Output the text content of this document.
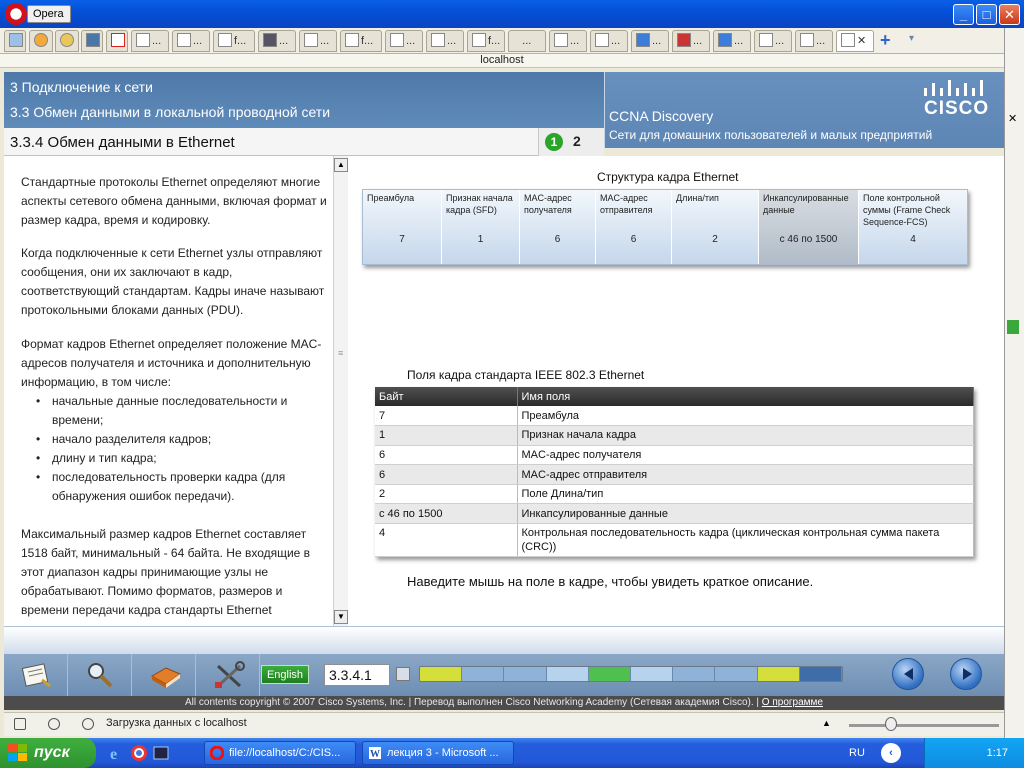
Opera	_	□	✕
...	...	f...	...	...	f...	...	...	f...	...	...	...	...	...	...	...	...	✕ + ▾
localhost
✕
3 Подключение к сети
3.3 Обмен данными в локальной проводной сети	CISCO
CCNA Discovery
Сети для домашних пользователей и малых предприятий
3.3.4 Обмен данными в Ethernet	1	2

Стандартные протоколы Ethernet определяют многие аспекты сетевого обмена данными, включая формат и размер кадра, время и кодировку.

Когда подключенные к сети Ethernet узлы отправляют сообщения, они их заключают в кадр, соответствующий стандартам. Кадры иначе называют протокольными блоками данных (PDU).

Формат кадров Ethernet определяет положение MAC-адресов получателя и источника и дополнительную информацию, в том числе:

• начальные данные последовательности и времени;
• начало разделителя кадров;
• длину и тип кадра;
• последовательность проверки кадра (для обнаружения ошибок передачи).

Максимальный размер кадров Ethernet составляет 1518 байт, минимальный - 64 байта. Не входящие в этот диапазон кадры принимающие узлы не обрабатывают. Помимо форматов, размеров и времени передачи кадра стандарты Ethernet

▲
≡
▼
Структура кадра Ethernet
Преамбула
7
Признак начала кадра (SFD)
1
MAC-адрес получателя
6
MAC-адрес отправителя
6
Длина/тип
2
Инкапсулированные данные
с 46 по 1500
Поле контрольной суммы (Frame Check Sequence-FCS)
4
Поля кадра стандарта IEEE 802.3 Ethernet
Байт	Имя поля
7	Преамбула
1	Признак начала кадра
6	MAC-адрес получателя
6	MAC-адрес отправителя
2	Поле Длина/тип
с 46 по 1500	Инкапсулированные данные
4	Контрольная последовательность кадра (циклическая контрольная сумма пакета (CRC))
Наведите мышь на поле в кадре, чтобы увидеть краткое описание.
English	3.3.4.1
All contents copyright © 2007 Cisco Systems, Inc. | Перевод выполнен Cisco Networking Academy (Сетевая академия Cisco). | О программе
Загрузка данных с localhost	▲
пуск	e	file://localhost/C:/CIS...	W лекция 3 - Microsoft ...	RU	‹	1:17
